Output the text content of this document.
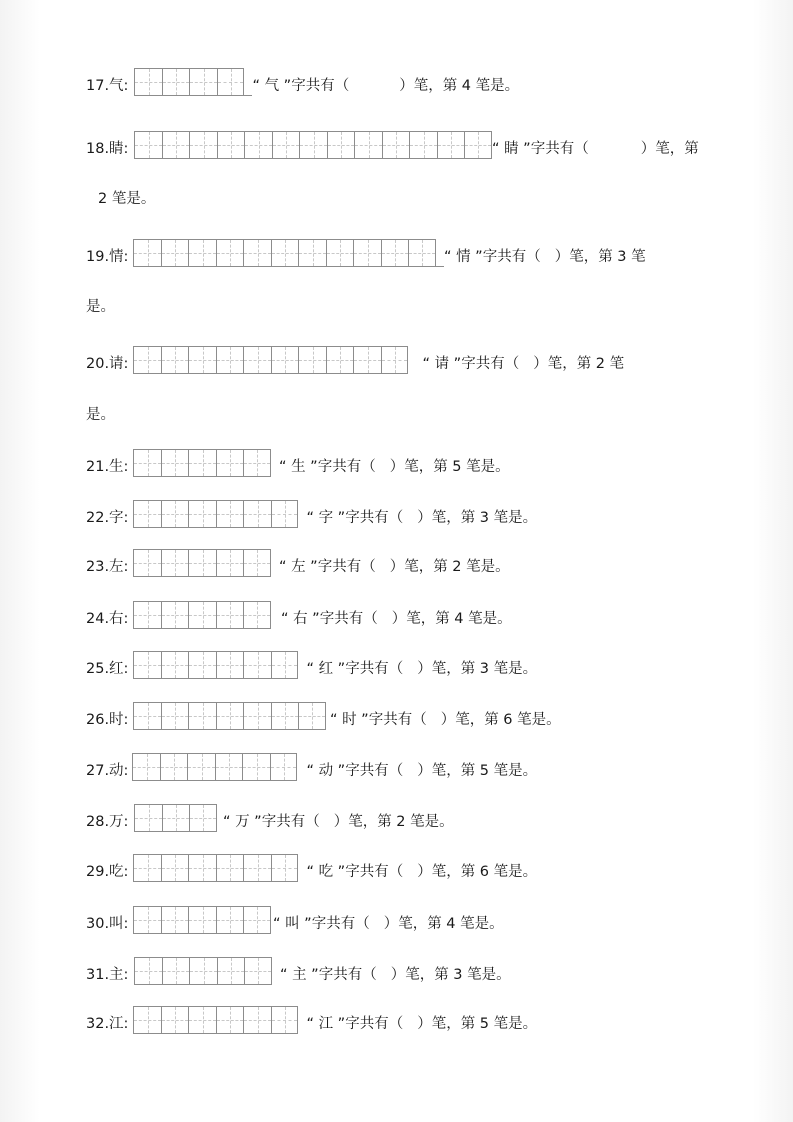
17.气:	“ 气 ”字共有（	）笔，第 4 笔是 。
18.睛:	“ 睛 ”字共有（	）笔，第
2 笔是。
19.情:	“ 情 ”字共有（ ）笔，第 3 笔
是。
20.请:	“ 请 ”字共有（ ）笔，第 2 笔
是。
21.生:	“ 生 ”字共有（ ）笔，第 5 笔是 。
22.字:	“ 字 ”字共有（ ）笔，第 3 笔是 。
23.左:	“ 左 ”字共有（ ）笔，第 2 笔是 。
24.右:	“ 右 ”字共有（ ）笔，第 4 笔是 。
25.红:	“ 红 ”字共有（ ）笔，第 3 笔是 。
26.时:	“ 时 ”字共有（ ）笔，第 6 笔是 。
27.动:	“ 动 ”字共有（ ）笔，第 5 笔是 。
28.万:	“ 万 ”字共有（ ）笔，第 2 笔是 。
29.吃:	“ 吃 ”字共有（ ）笔，第 6 笔是 。
30.叫:	“ 叫 ”字共有（ ）笔，第 4 笔是 。
31.主:	“ 主 ”字共有（ ）笔，第 3 笔是 。
32.江:	“ 江 ”字共有（ ）笔，第 5 笔是 。
